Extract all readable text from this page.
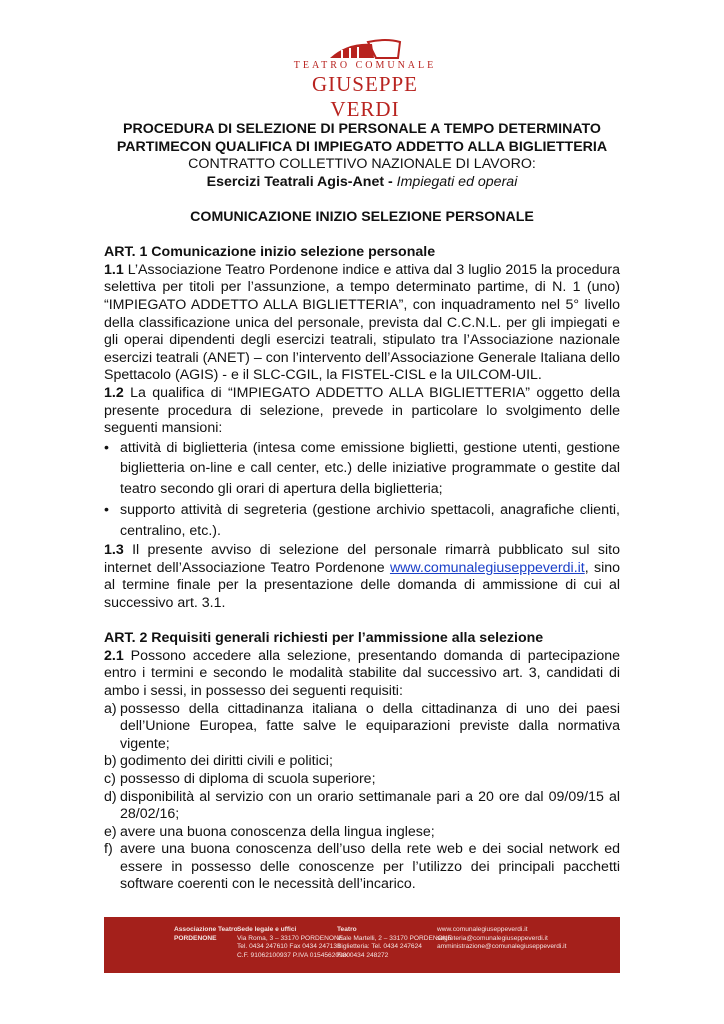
TEATRO COMUNALE
GIUSEPPE VERDI

PROCEDURA DI SELEZIONE DI PERSONALE A TEMPO DETERMINATO

PARTIMECON QUALIFICA DI IMPIEGATO ADDETTO ALLA BIGLIETTERIA

CONTRATTO COLLETTIVO NAZIONALE DI LAVORO:

Esercizi Teatrali Agis-Anet - Impiegati ed operai

COMUNICAZIONE INIZIO SELEZIONE PERSONALE

ART. 1 Comunicazione inizio selezione personale

1.1 L’Associazione Teatro Pordenone indice e attiva dal 3 luglio 2015 la procedura selettiva per titoli per l’assunzione, a tempo determinato partime, di N. 1 (uno) “IMPIEGATO ADDETTO ALLA BIGLIETTERIA”, con inquadramento nel 5° livello della classificazione unica del personale, prevista dal C.C.N.L. per gli impiegati e gli operai dipendenti degli esercizi teatrali, stipulato tra l’Associazione nazionale esercizi teatrali (ANET) – con l’intervento dell’Associazione Generale Italiana dello Spettacolo (AGIS) - e il SLC-CGIL, la FISTEL-CISL e la UILCOM-UIL.

1.2 La qualifica di “IMPIEGATO ADDETTO ALLA BIGLIETTERIA” oggetto della presente procedura di selezione, prevede in particolare lo svolgimento delle seguenti mansioni:

• attività di biglietteria (intesa come emissione biglietti, gestione utenti, gestione biglietteria on-line e call center, etc.) delle iniziative programmate o gestite dal teatro secondo gli orari di apertura della biglietteria;
• supporto attività di segreteria (gestione archivio spettacoli, anagrafiche clienti, centralino, etc.).

1.3 Il presente avviso di selezione del personale rimarrà pubblicato sul sito internet dell’Associazione Teatro Pordenone www.comunalegiuseppeverdi.it, sino al termine finale per la presentazione delle domanda di ammissione di cui al successivo art. 3.1.

ART. 2 Requisiti generali richiesti per l’ammissione alla selezione

2.1 Possono accedere alla selezione, presentando domanda di partecipazione entro i termini e secondo le modalità stabilite dal successivo art. 3, candidati di ambo i sessi, in possesso dei seguenti requisiti:

a) possesso della cittadinanza italiana o della cittadinanza di uno dei paesi dell’Unione Europea, fatte salve le equiparazioni previste dalla normativa vigente;
b) godimento dei diritti civili e politici;
c) possesso di diploma di scuola superiore;
d) disponibilità al servizio con un orario settimanale pari a 20 ore dal 09/09/15 al 28/02/16;
e) avere una buona conoscenza della lingua inglese;
f) avere una buona conoscenza dell’uso della rete web e dei social network ed essere in possesso delle conoscenze per l’utilizzo dei principali pacchetti software coerenti con le necessità dell’incarico.
Associazione Teatro
PORDENONE
Sede legale e uffici
Via Roma, 3 – 33170 PORDENONE
Tel. 0434 247610 Fax 0434 247131
C.F. 91062100937 P.IVA 01545620930
Teatro
Viale Martelli, 2 – 33170 PORDENONE
Biglietteria: Tel. 0434 247624
Fax 0434 248272
www.comunalegiuseppeverdi.it
segreteria@comunalegiuseppeverdi.it
amministrazione@comunalegiuseppeverdi.it
